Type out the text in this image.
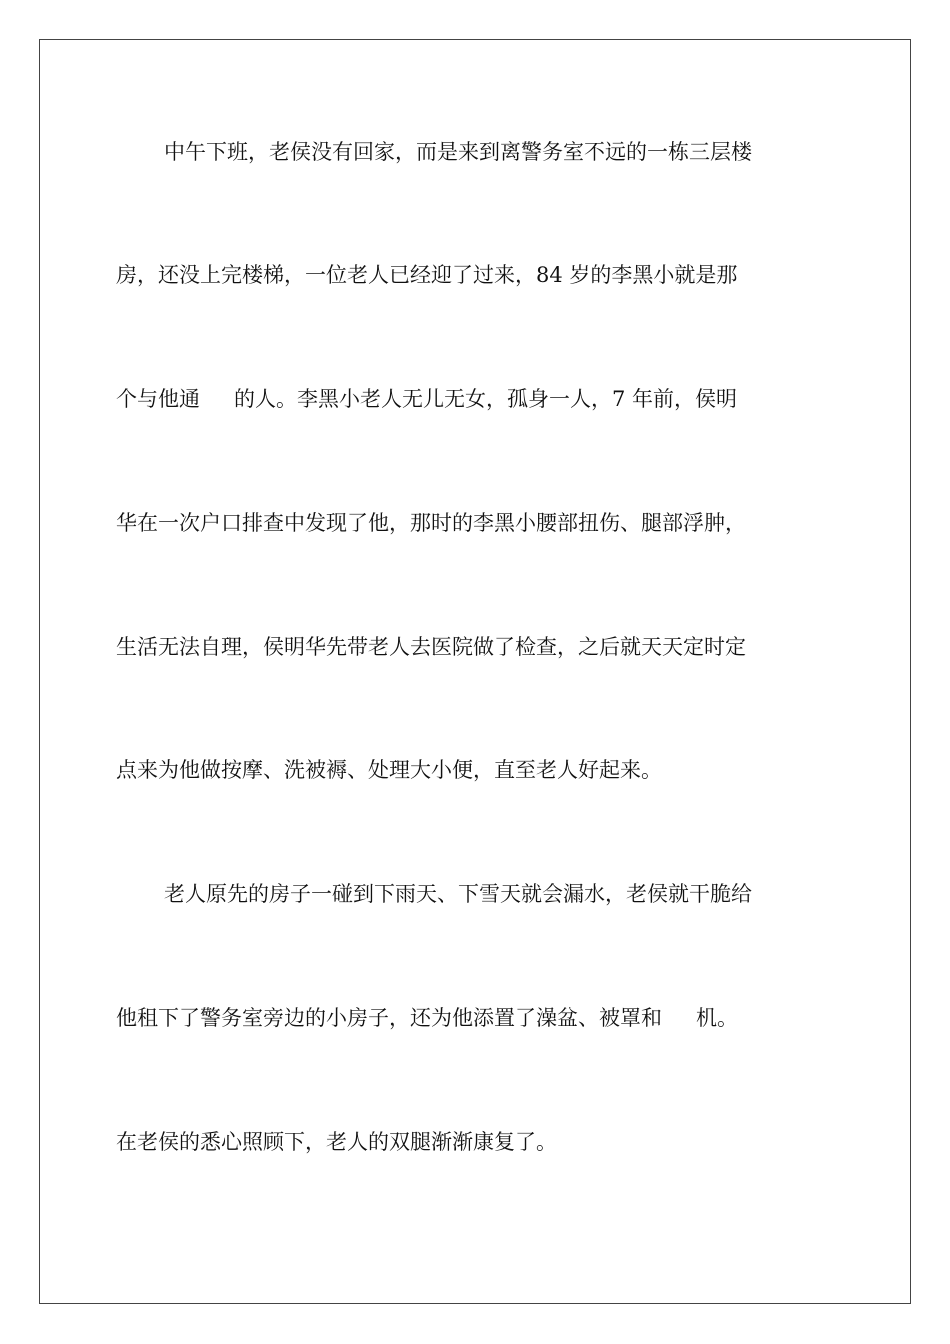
中午下班，老侯没有回家，而是来到离警务室不远的一栋三层楼
房，还没上完楼梯，一位老人已经迎了过来，84 岁的李黑小就是那
个与他通 的人。李黑小老人无儿无女，孤身一人，7 年前，侯明
华在一次户口排查中发现了他，那时的李黑小腰部扭伤、腿部浮肿，
生活无法自理，侯明华先带老人去医院做了检查，之后就天天定时定
点来为他做按摩、洗被褥、处理大小便，直至老人好起来。
老人原先的房子一碰到下雨天、下雪天就会漏水，老侯就干脆给
他租下了警务室旁边的小房子，还为他添置了澡盆、被罩和 机。
在老侯的悉心照顾下，老人的双腿渐渐康复了。
